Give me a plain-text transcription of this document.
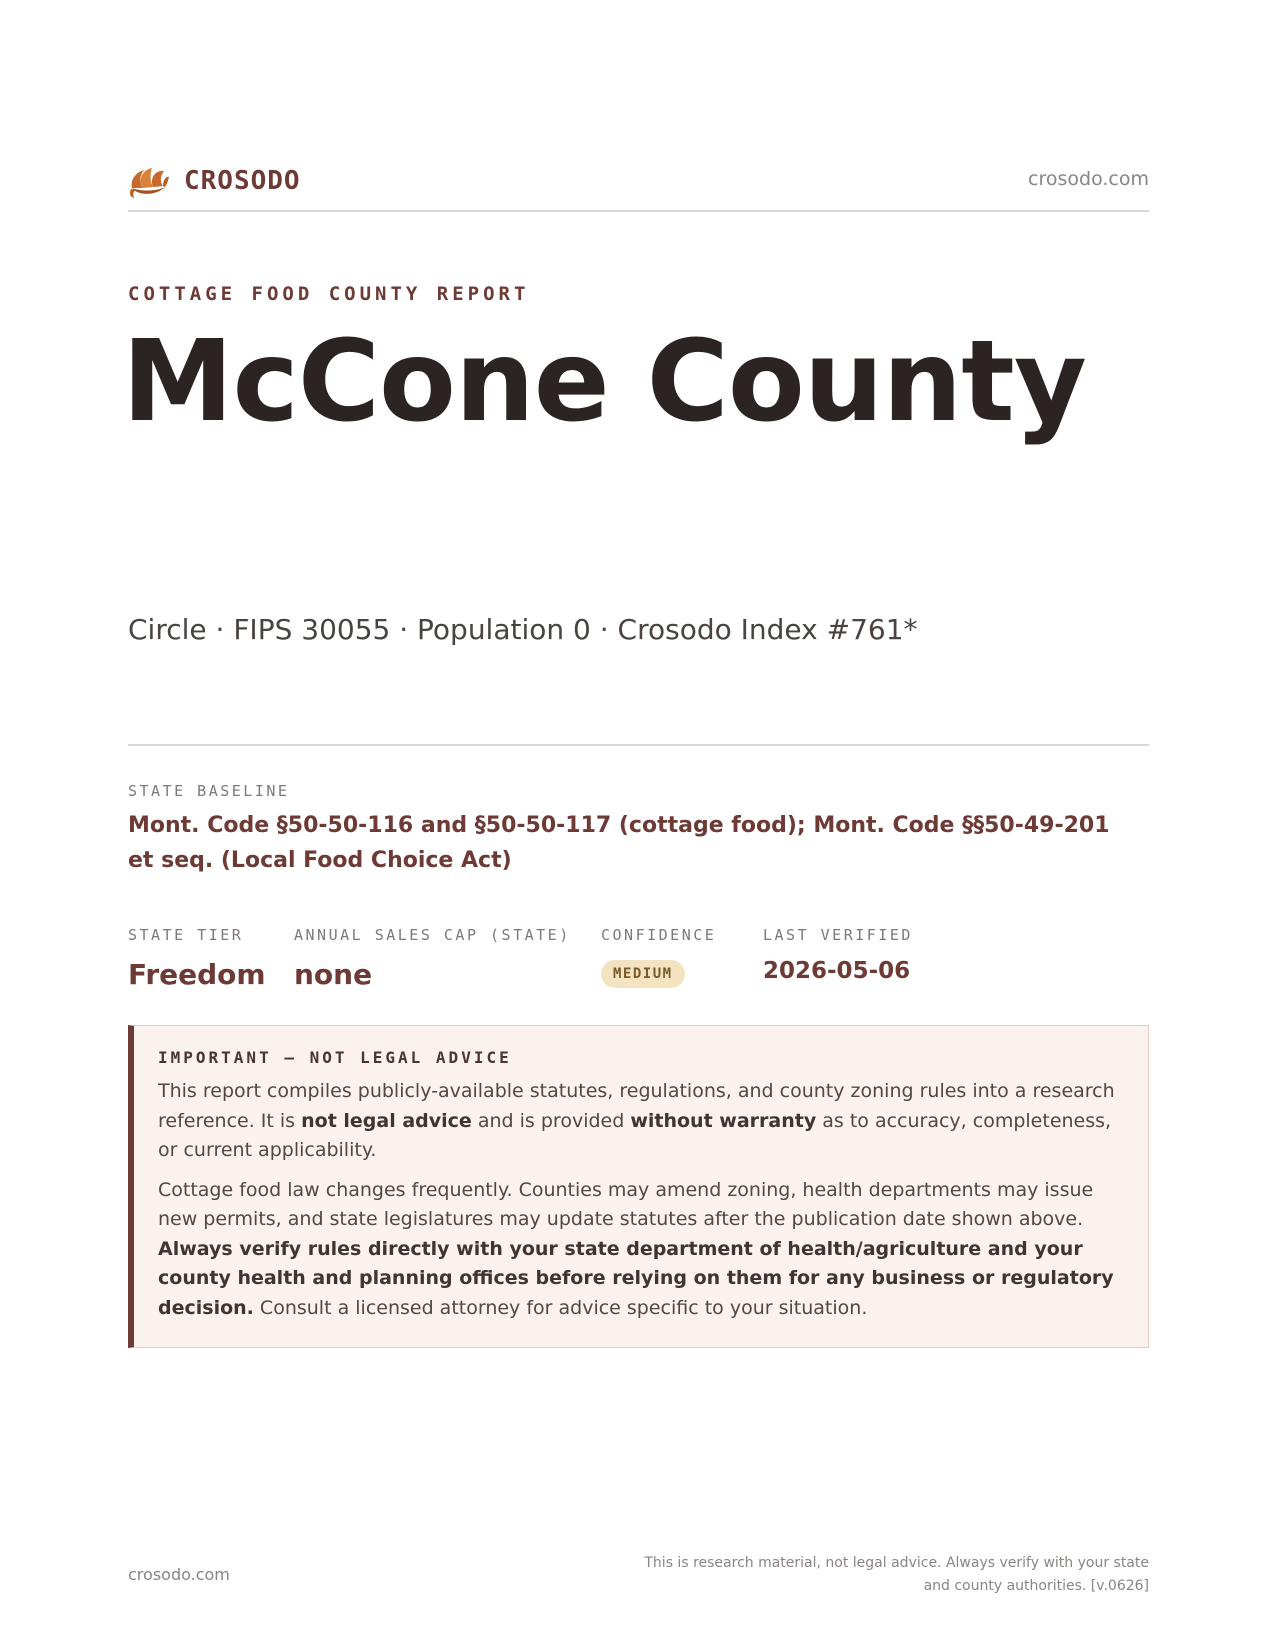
CROSODO	crosodo.com
COTTAGE FOOD COUNTY REPORT
McCone County
Circle · FIPS 30055 · Population 0 · Crosodo Index #761*
STATE BASELINE
Mont. Code §50-50-116 and §50-50-117 (cottage food); Mont. Code §§50-49-201 et seq. (Local Food Choice Act)
STATE TIER
Freedom
ANNUAL SALES CAP (STATE)
none
CONFIDENCE
MEDIUM
LAST VERIFIED
2026-05-06
IMPORTANT — NOT LEGAL ADVICE

This report compiles publicly-available statutes, regulations, and county zoning rules into a research reference. It is not legal advice and is provided without warranty as to accuracy, completeness, or current applicability.

Cottage food law changes frequently. Counties may amend zoning, health departments may issue new permits, and state legislatures may update statutes after the publication date shown above. Always verify rules directly with your state department of health/agriculture and your county health and planning offices before relying on them for any business or regulatory decision. Consult a licensed attorney for advice specific to your situation.

crosodo.com
This is research material, not legal advice. Always verify with your state
and county authorities. [v.0626]
